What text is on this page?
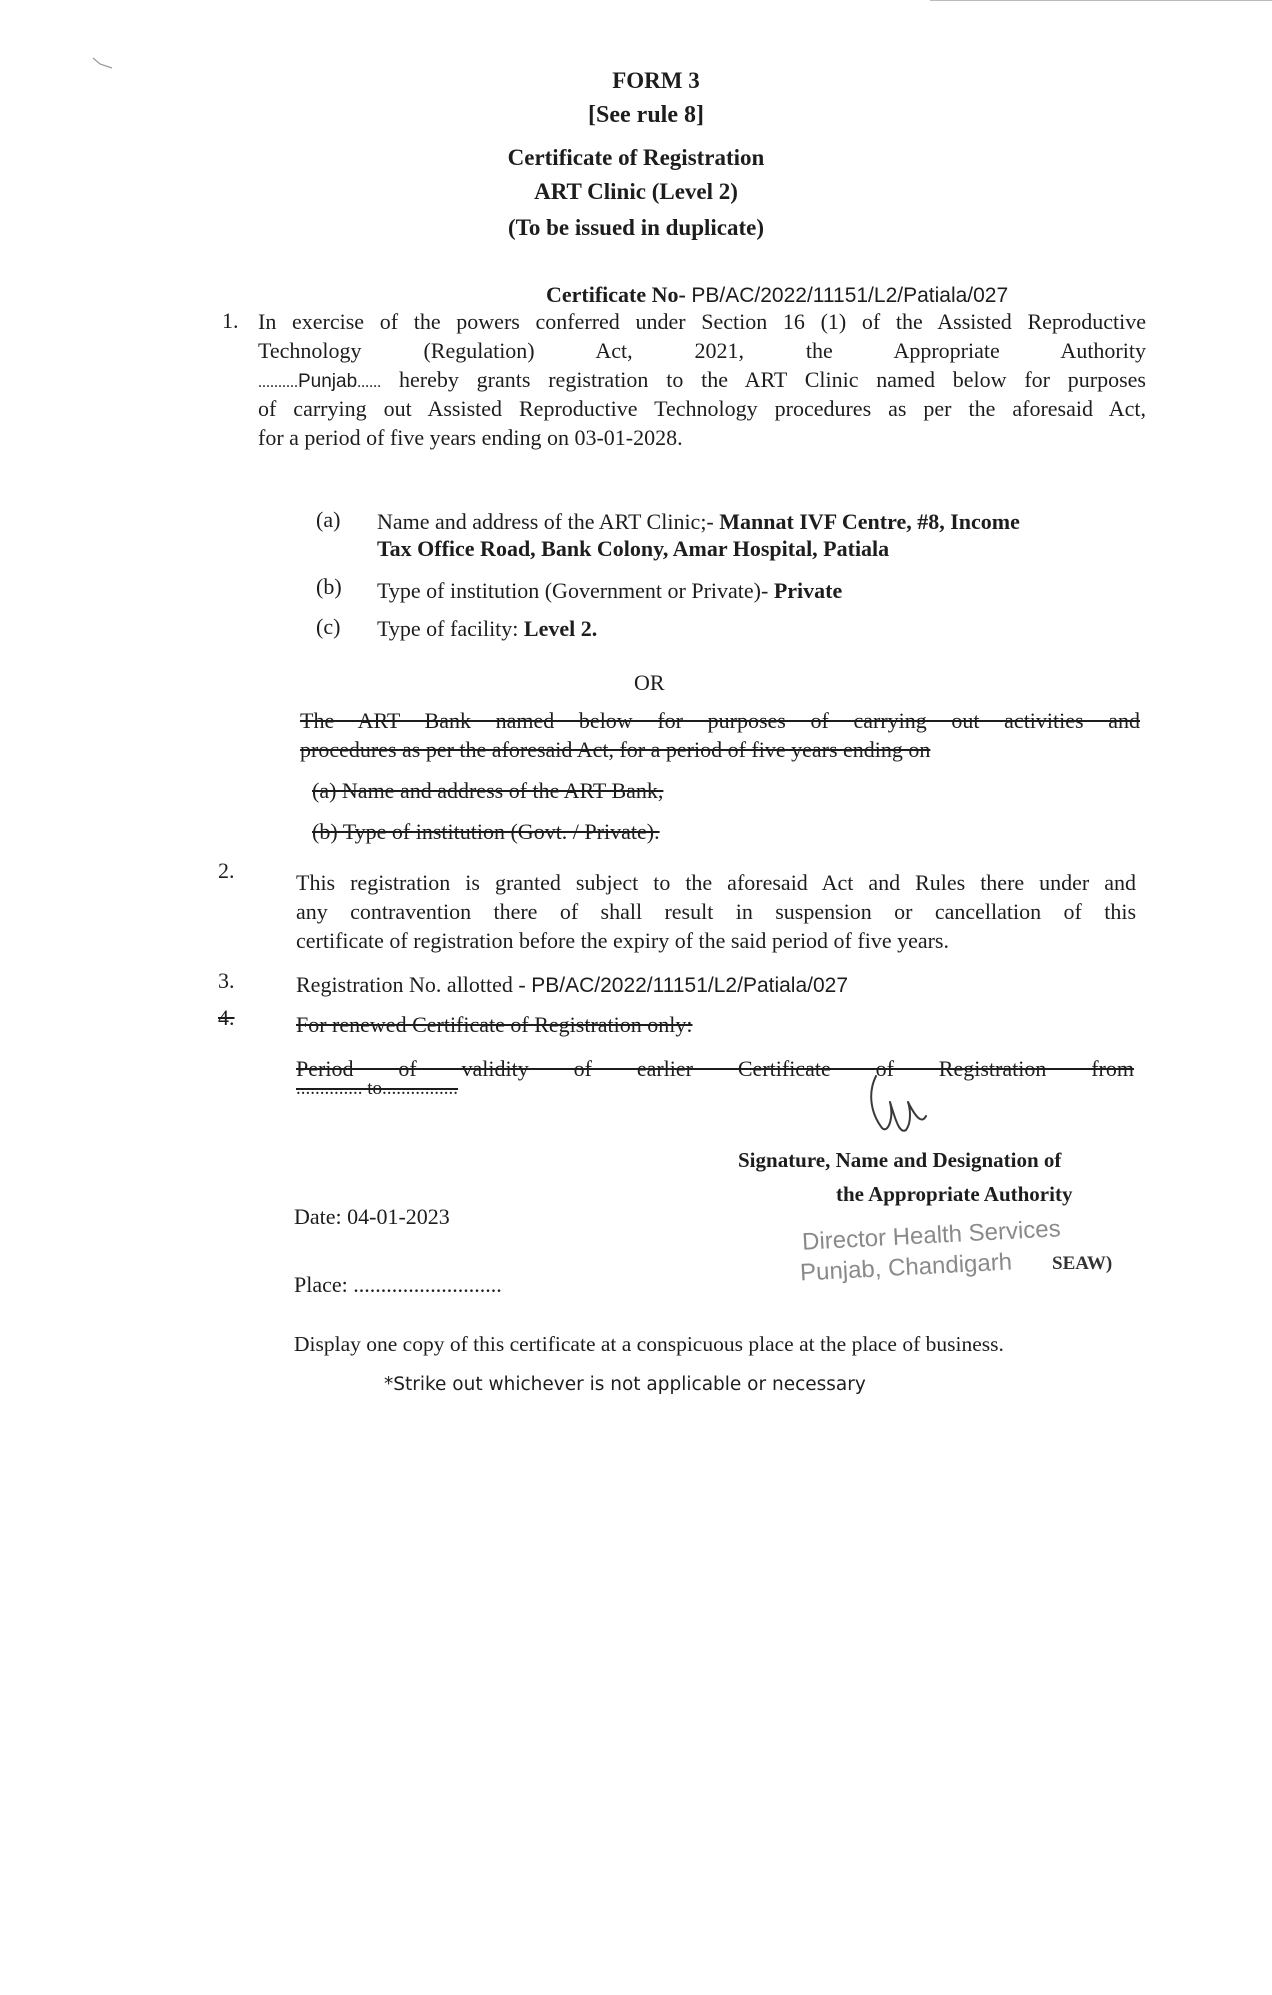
FORM 3
[See rule 8]
Certificate of Registration
ART Clinic (Level 2)
(To be issued in duplicate)
Certificate No- PB/AC/2022/11151/L2/Patiala/027
1. In exercise of the powers conferred under Section 16 (1) of the Assisted Reproductive
Technology (Regulation) Act, 2021, the Appropriate Authority
..........Punjab...... hereby grants registration to the ART Clinic named below for purposes
of carrying out Assisted Reproductive Technology procedures as per the aforesaid Act,
for a period of five years ending on 03-01-2028.
(a) Name and address of the ART Clinic;- Mannat IVF Centre, #8, Income
Tax Office Road, Bank Colony, Amar Hospital, Patiala
(b) Type of institution (Government or Private)- Private
(c) Type of facility: Level 2.
OR
The ART Bank named below for purposes of carrying out activities and
procedures as per the aforesaid Act, for a period of five years ending on
(a) Name and address of the ART Bank,
(b) Type of institution (Govt. / Private).
2.	This registration is granted subject to the aforesaid Act and Rules there under and
any contravention there of shall result in suspension or cancellation of this
certificate of registration before the expiry of the said period of five years.
3.	Registration No. allotted - PB/AC/2022/11151/L2/Patiala/027
4.	For renewed Certificate of Registration only:
Period of validity of earlier Certificate of Registration from
.............. to................
Signature, Name and Designation of
the Appropriate Authority
Date: 04-01-2023	Director Health Services
Punjab, Chandigarh SEAW)
Place: ...........................
Display one copy of this certificate at a conspicuous place at the place of business.
*Strike out whichever is not applicable or necessary
